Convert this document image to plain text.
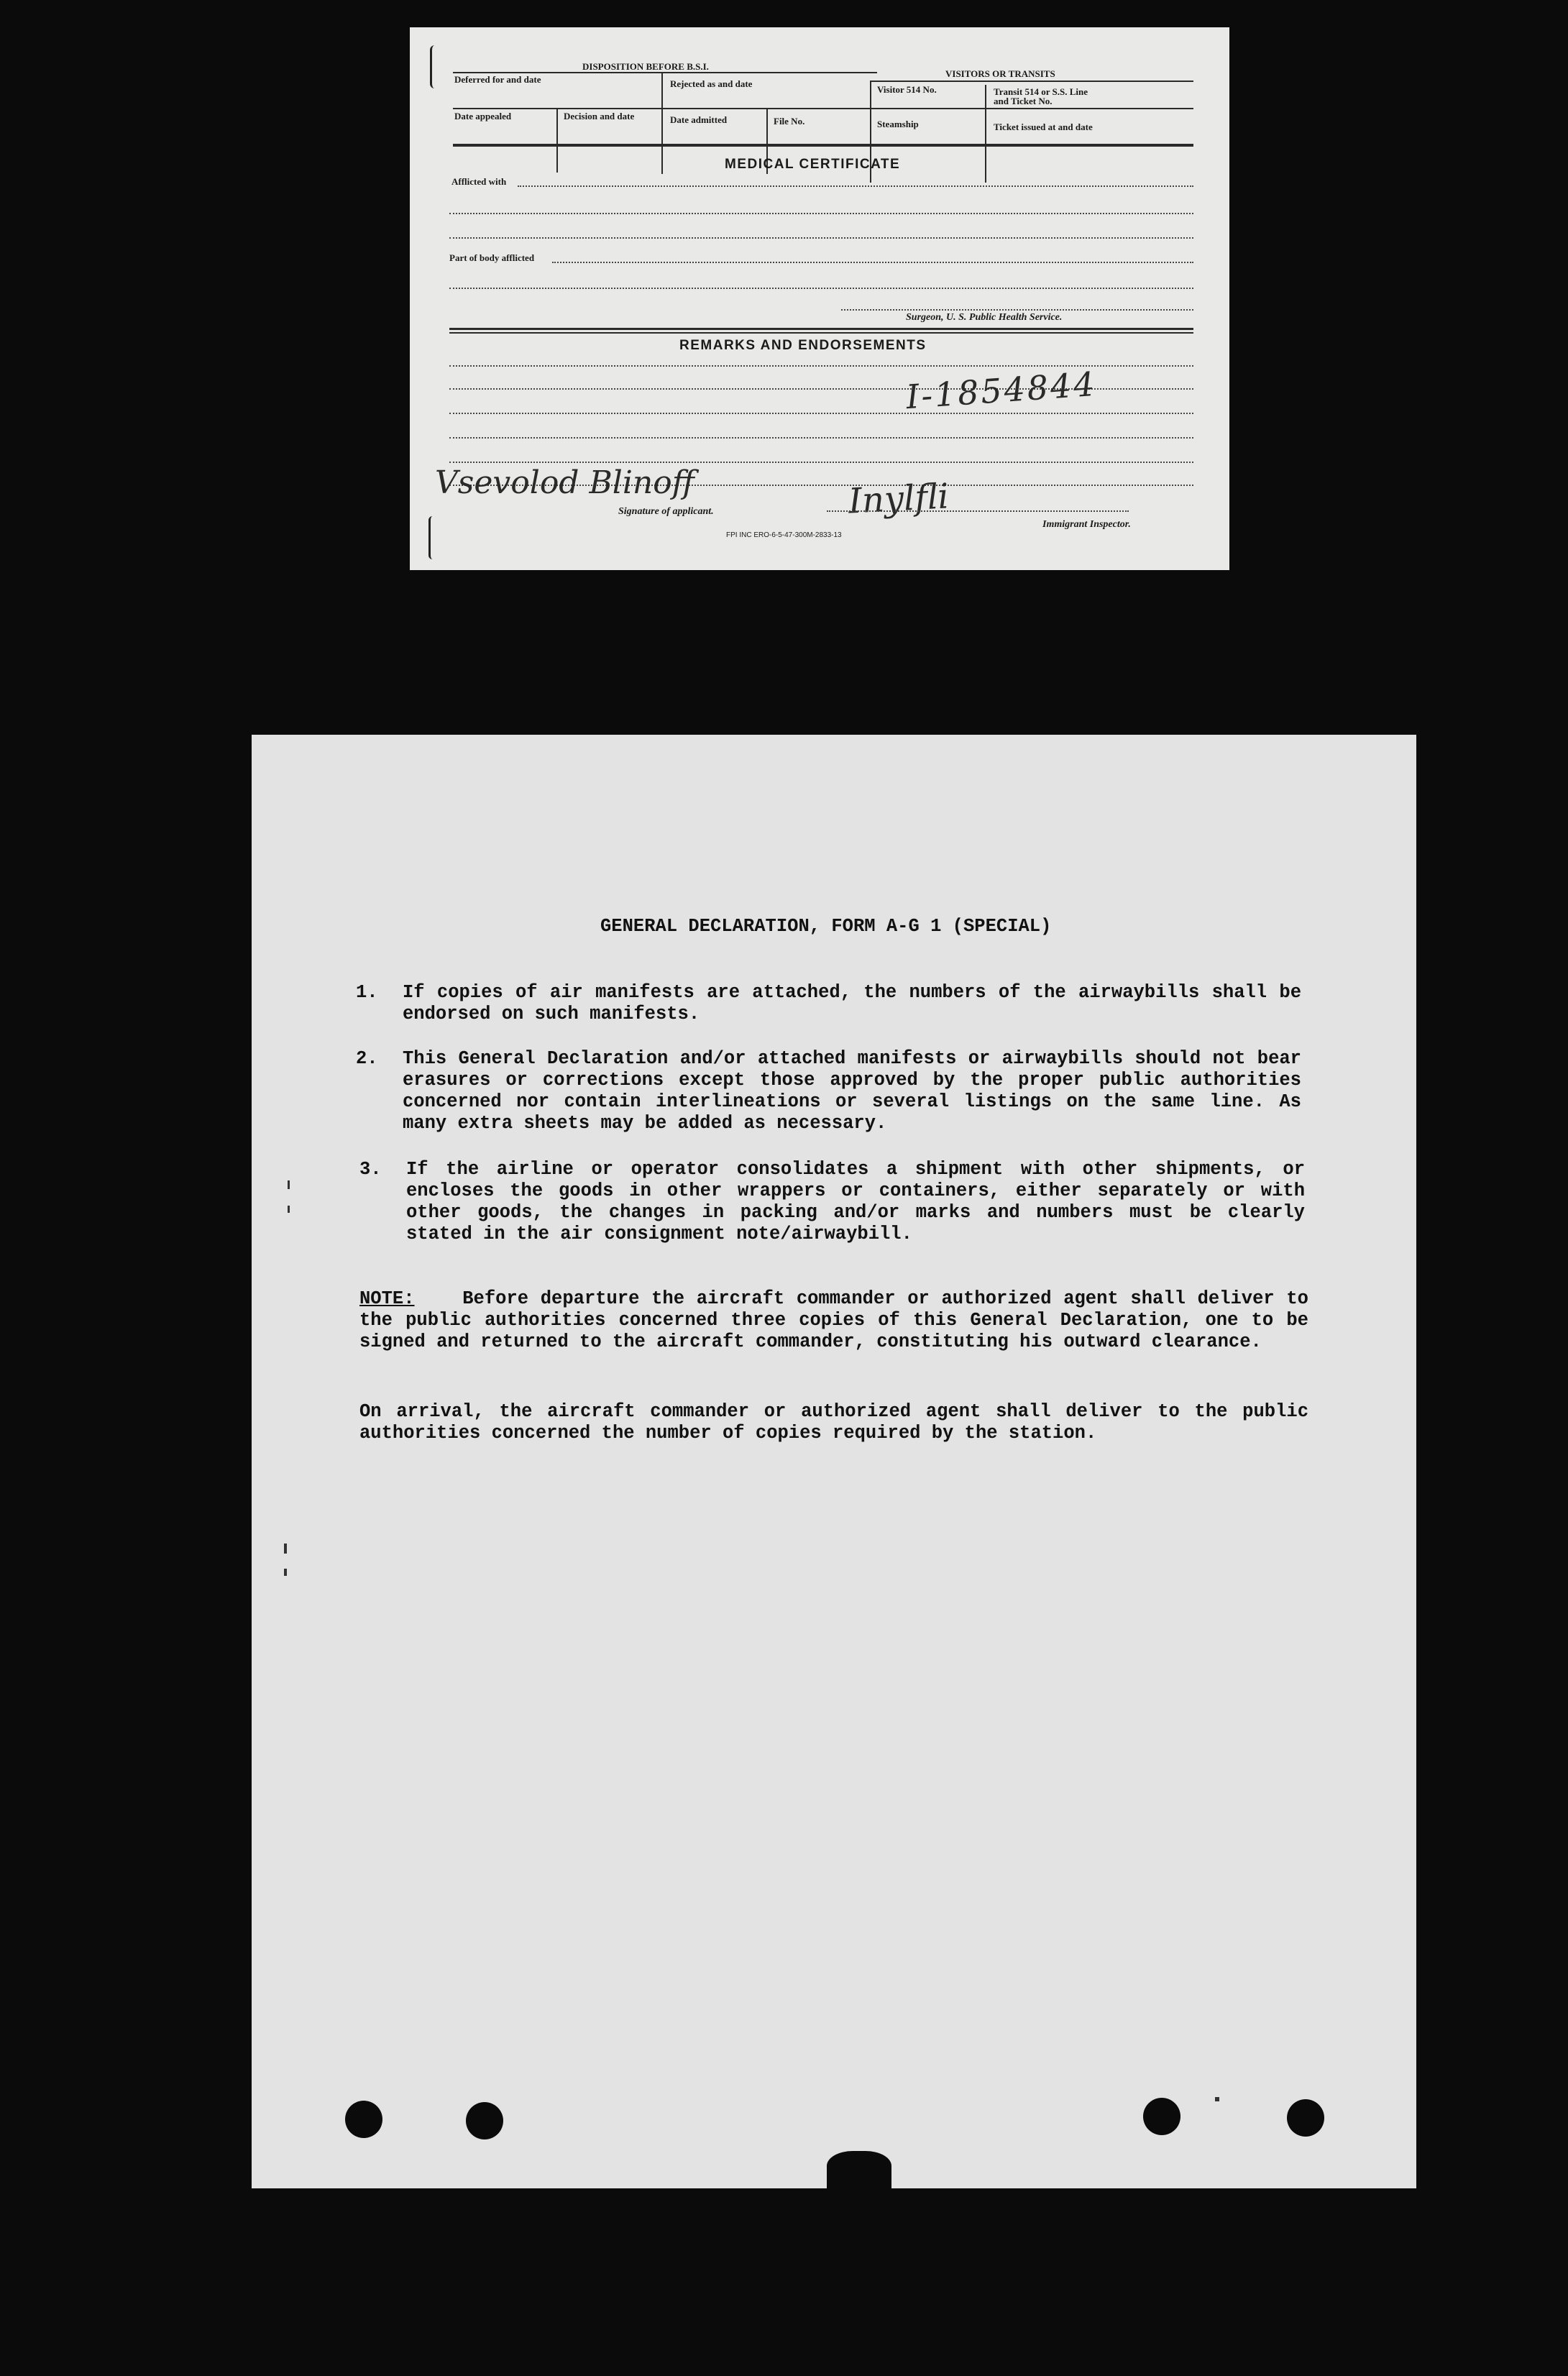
DISPOSITION BEFORE B.S.I.
VISITORS OR TRANSITS
Deferred for and date	Rejected as and date
Visitor 514 No.	Transit 514 or S.S. Line
and Ticket No.
Date appealed	Decision and date	Date admitted	File No.	Steamship	Ticket issued at and date
MEDICAL CERTIFICATE
Afflicted with
Part of body afflicted
Surgeon, U. S. Public Health Service.
REMARKS AND ENDORSEMENTS
I-1854844
Vsevolod Blinoff
Signature of applicant.	Inylfli
Immigrant Inspector.
FPI INC ERO-6-5-47-300M-2833-13
GENERAL DECLARATION, FORM A-G 1 (SPECIAL)
1. If copies of air manifests are attached, the numbers of the airwaybills shall be endorsed on such manifests.
2. This General Declaration and/or attached manifests or airwaybills should not bear erasures or corrections except those approved by the proper public authorities concerned nor contain interlineations or several listings on the same line. As many extra sheets may be added as necessary.
3. If the airline or operator consolidates a shipment with other shipments, or encloses the goods in other wrappers or containers, either separately or with other goods, the changes in packing and/or marks and numbers must be clearly stated in the air consignment note/airwaybill.
NOTE:	Before departure the aircraft commander or authorized agent shall deliver to the public authorities concerned three copies of this General Declaration, one to be signed and returned to the aircraft commander, constituting his outward clearance.
On arrival, the aircraft commander or authorized agent shall deliver to the public authorities concerned the number of copies required by the station.
